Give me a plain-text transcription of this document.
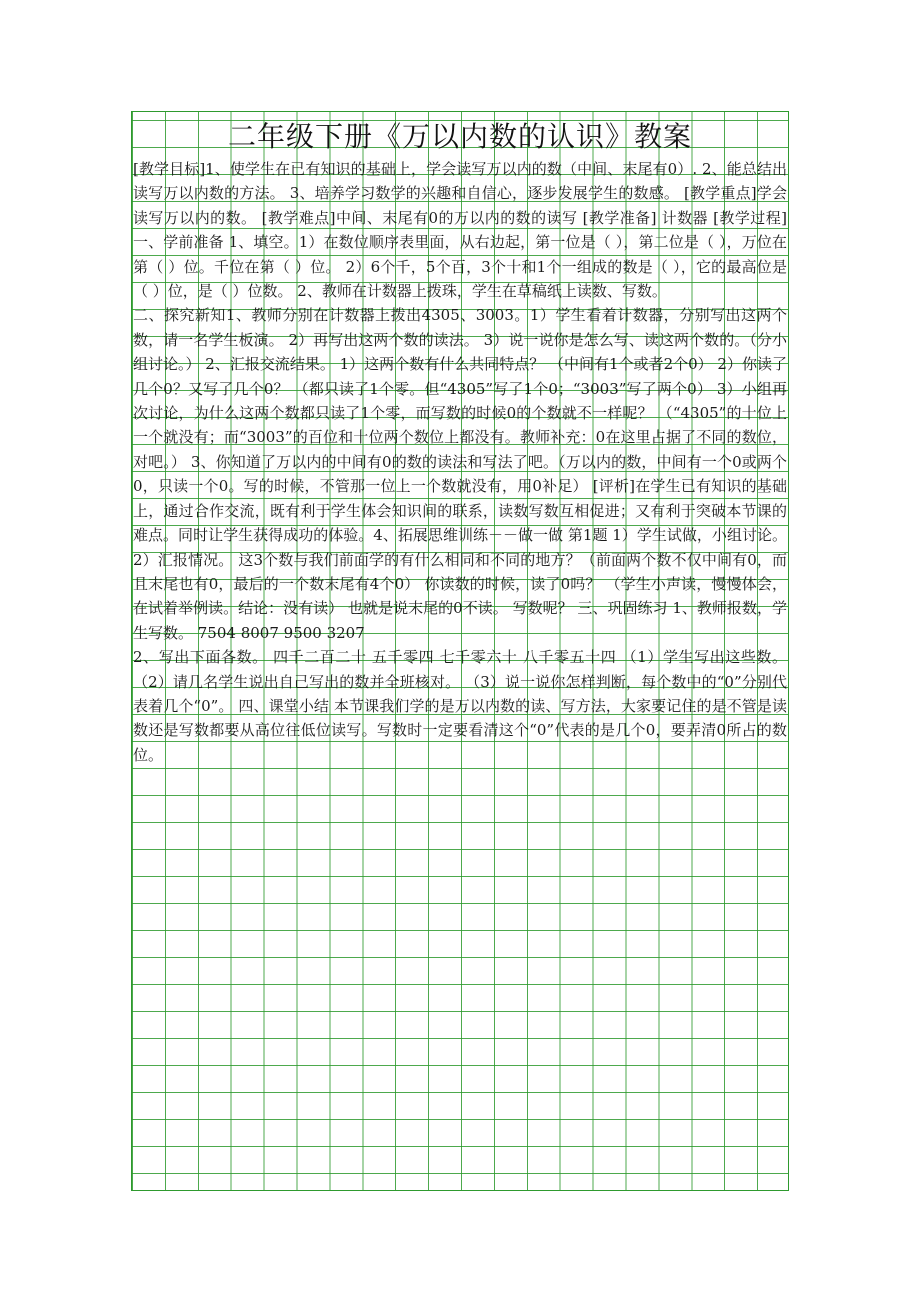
二年级下册《万以内数的认识》教案

[教学目标]1、使学生在已有知识的基础上，学会读写万以内的数（中间、末尾有0）. 2、能总结出读写万以内数的方法。 3、培养学习数学的兴趣和自信心，逐步发展学生的数感。 [教学重点]学会读写万以内的数。 [教学难点]中间、末尾有0的万以内的数的读写 [教学准备] 计数器 [教学过程] 一、学前准备 1、填空。1）在数位顺序表里面，从右边起，第一位是（ ），第二位是（ ），万位在第（ ）位。千位在第（ ）位。 2）6个千，5个百，3个十和1个一组成的数是（ ），它的最高位是（ ）位，是（ ）位数。 2、教师在计数器上拨珠，学生在草稿纸上读数、写数。

二、探究新知1、教师分别在计数器上拨出4305、3003。1）学生看着计数器，分别写出这两个数，请一名学生板演。 2）再写出这两个数的读法。 3）说一说你是怎么写、读这两个数的。（分小组讨论。） 2、汇报交流结果。 1）这两个数有什么共同特点？ （中间有1个或者2个0） 2）你读了几个0？又写了几个0？ （都只读了1个零。但“4305”写了1个0；“3003”写了两个0） 3）小组再次讨论，为什么这两个数都只读了1个零，而写数的时候0的个数就不一样呢？ （“4305”的十位上一个就没有；而“3003”的百位和十位两个数位上都没有。教师补充：0在这里占据了不同的数位，对吧。） 3、你知道了万以内的中间有0的数的读法和写法了吧。（万以内的数，中间有一个0或两个0，只读一个0。写的时候，不管那一位上一个数就没有，用0补足） [评析]在学生已有知识的基础上，通过合作交流，既有利于学生体会知识间的联系，读数写数互相促进；又有利于突破本节课的难点。同时让学生获得成功的体验。4、拓展思维训练－－做一做 第1题 1）学生试做，小组讨论。 2）汇报情况。 这3个数与我们前面学的有什么相同和不同的地方？（前面两个数不仅中间有0，而且末尾也有0，最后的一个数末尾有4个0） 你读数的时候，读了0吗？ （学生小声读，慢慢体会，在试着举例读。结论：没有读） 也就是说末尾的0不读。 写数呢？ 三、巩固练习 1、教师报数，学生写数。 7504 8007 9500 3207

2、写出下面各数。 四千二百二十 五千零四 七千零六十 八千零五十四 （1）学生写出这些数。 （2）请几名学生说出自己写出的数并全班核对。 （3）说一说你怎样判断，每个数中的“0”分别代表着几个“0”。 四、课堂小结 本节课我们学的是万以内数的读、写方法，大家要记住的是不管是读数还是写数都要从高位往低位读写。写数时一定要看清这个“0”代表的是几个0，要弄清0所占的数位。
